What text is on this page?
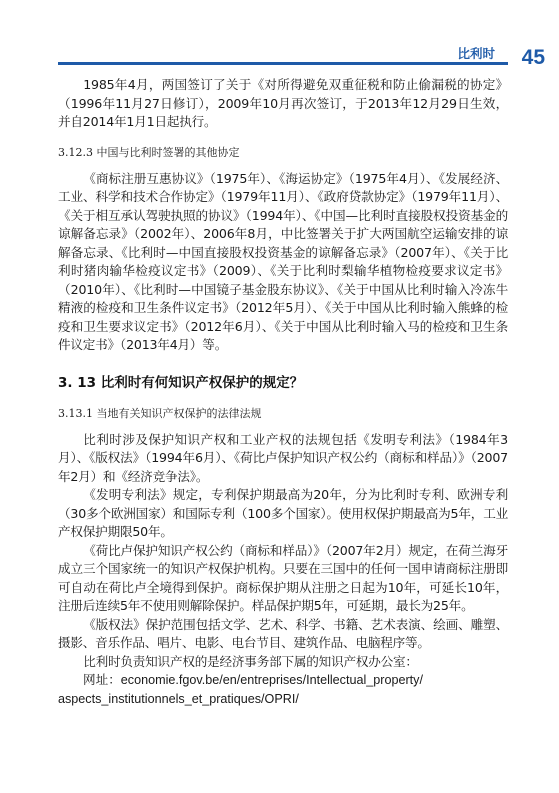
比利时 45

1985年4月，两国签订了关于《对所得避免双重征税和防止偷漏税的协定》（1996年11月27日修订），2009年10月再次签订，于2013年12月29日生效，并自2014年1月1日起执行。

3.12.3 中国与比利时签署的其他协定

《商标注册互惠协议》（1975年）、《海运协定》（1975年4月）、《发展经济、工业、科学和技术合作协定》（1979年11月）、《政府贷款协定》（1979年11月）、《关于相互承认驾驶执照的协议》（1994年）、《中国—比利时直接股权投资基金的谅解备忘录》（2002年）、2006年8月，中比签署关于扩大两国航空运输安排的谅解备忘录、《比利时—中国直接股权投资基金的谅解备忘录》（2007年）、《关于比利时猪肉输华检疫议定书》（2009）、《关于比利时梨输华植物检疫要求议定书》（2010年）、《比利时—中国镜子基金股东协议》、《关于中国从比利时输入冷冻牛精液的检疫和卫生条件议定书》（2012年5月）、《关于中国从比利时输入熊蜂的检疫和卫生要求议定书》（2012年6月）、《关于中国从比利时输入马的检疫和卫生条件议定书》（2013年4月）等。

3. 13 比利时有何知识产权保护的规定？
3.13.1 当地有关知识产权保护的法律法规

比利时涉及保护知识产权和工业产权的法规包括《发明专利法》（1984年3月）、《版权法》（1994年6月）、《荷比卢保护知识产权公约（商标和样品）》（2007年2月）和《经济竞争法》。

《发明专利法》规定，专利保护期最高为20年，分为比利时专利、欧洲专利（30多个欧洲国家）和国际专利（100多个国家）。使用权保护期最高为5年，工业产权保护期限50年。

《荷比卢保护知识产权公约（商标和样品）》（2007年2月）规定，在荷兰海牙成立三个国家统一的知识产权保护机构。只要在三国中的任何一国申请商标注册即可自动在荷比卢全境得到保护。商标保护期从注册之日起为10年，可延长10年，注册后连续5年不使用则解除保护。样品保护期5年，可延期，最长为25年。

《版权法》保护范围包括文学、艺术、科学、书籍、艺术表演、绘画、雕塑、摄影、音乐作品、唱片、电影、电台节目、建筑作品、电脑程序等。

比利时负责知识产权的是经济事务部下属的知识产权办公室：

网址：economie.fgov.be/en/entreprises/Intellectual_property/

aspects_institutionnels_et_pratiques/OPRI/
